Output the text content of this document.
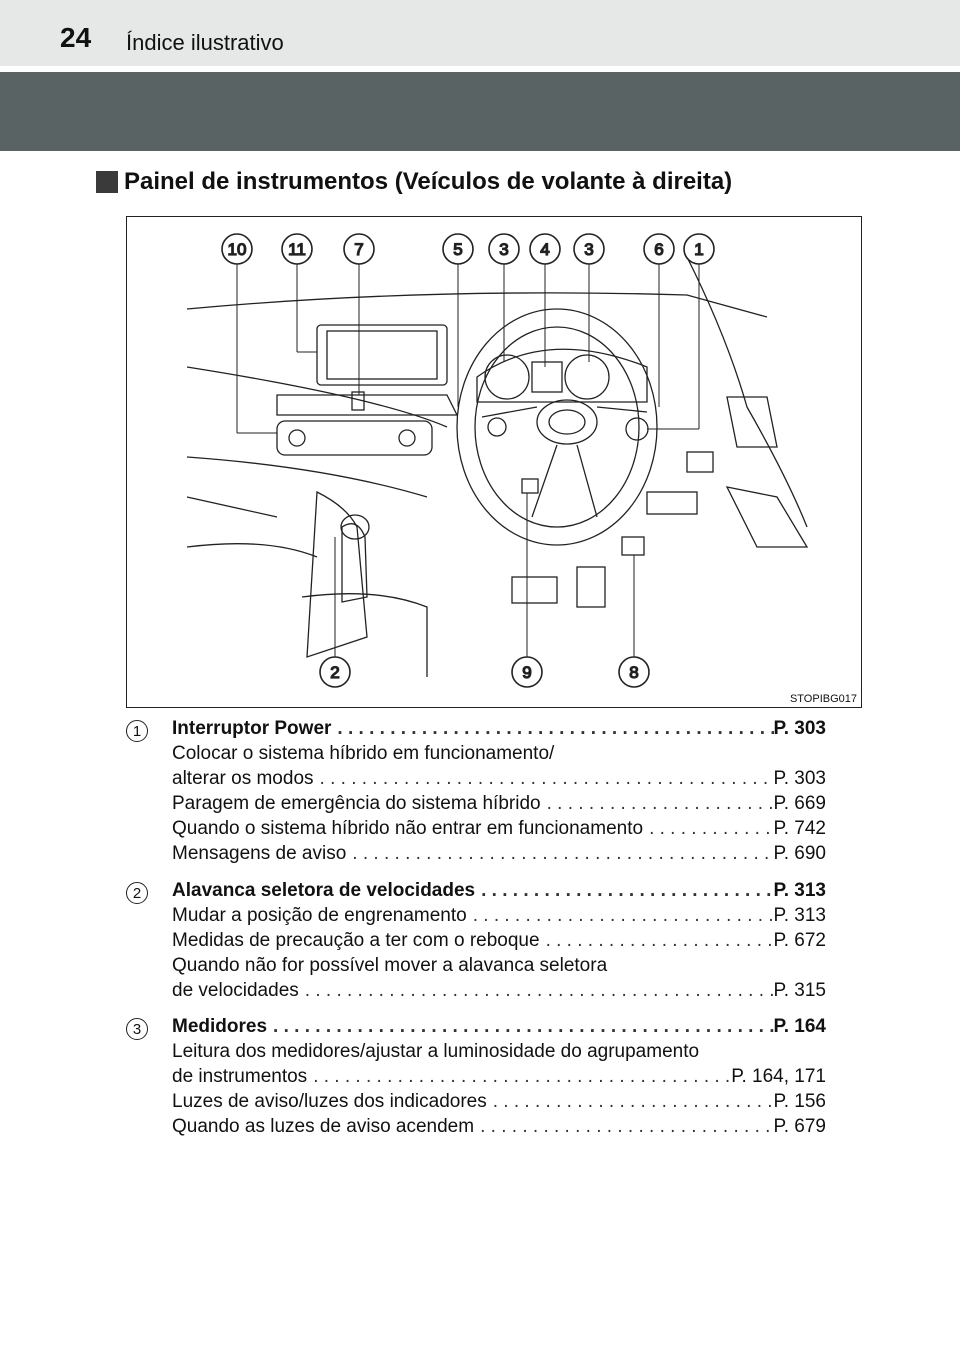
24 Índice ilustrativo
Painel de instrumentos (Veículos de volante à direita)
10 11	7	5 3 4 3	6 1
2	9	8
STOPIBG017
1	Interruptor Power . . .	P. 303
Colocar o sistema híbrido em funcionamento/
alterar os modos . . .	P. 303
Paragem de emergência do sistema híbrido . . .	P. 669
Quando o sistema híbrido não entrar em funcionamento . . .	P. 742
Mensagens de aviso . . .	P. 690
2	Alavanca seletora de velocidades . . .	P. 313
Mudar a posição de engrenamento . . .	P. 313
Medidas de precaução a ter com o reboque . . .	P. 672
Quando não for possível mover a alavanca seletora
de velocidades . . .	P. 315
3	Medidores . . .	P. 164
Leitura dos medidores/ajustar a luminosidade do agrupamento
de instrumentos . . .	P. 164, 171
Luzes de aviso/luzes dos indicadores . . .	P. 156
Quando as luzes de aviso acendem . . .	P. 679
